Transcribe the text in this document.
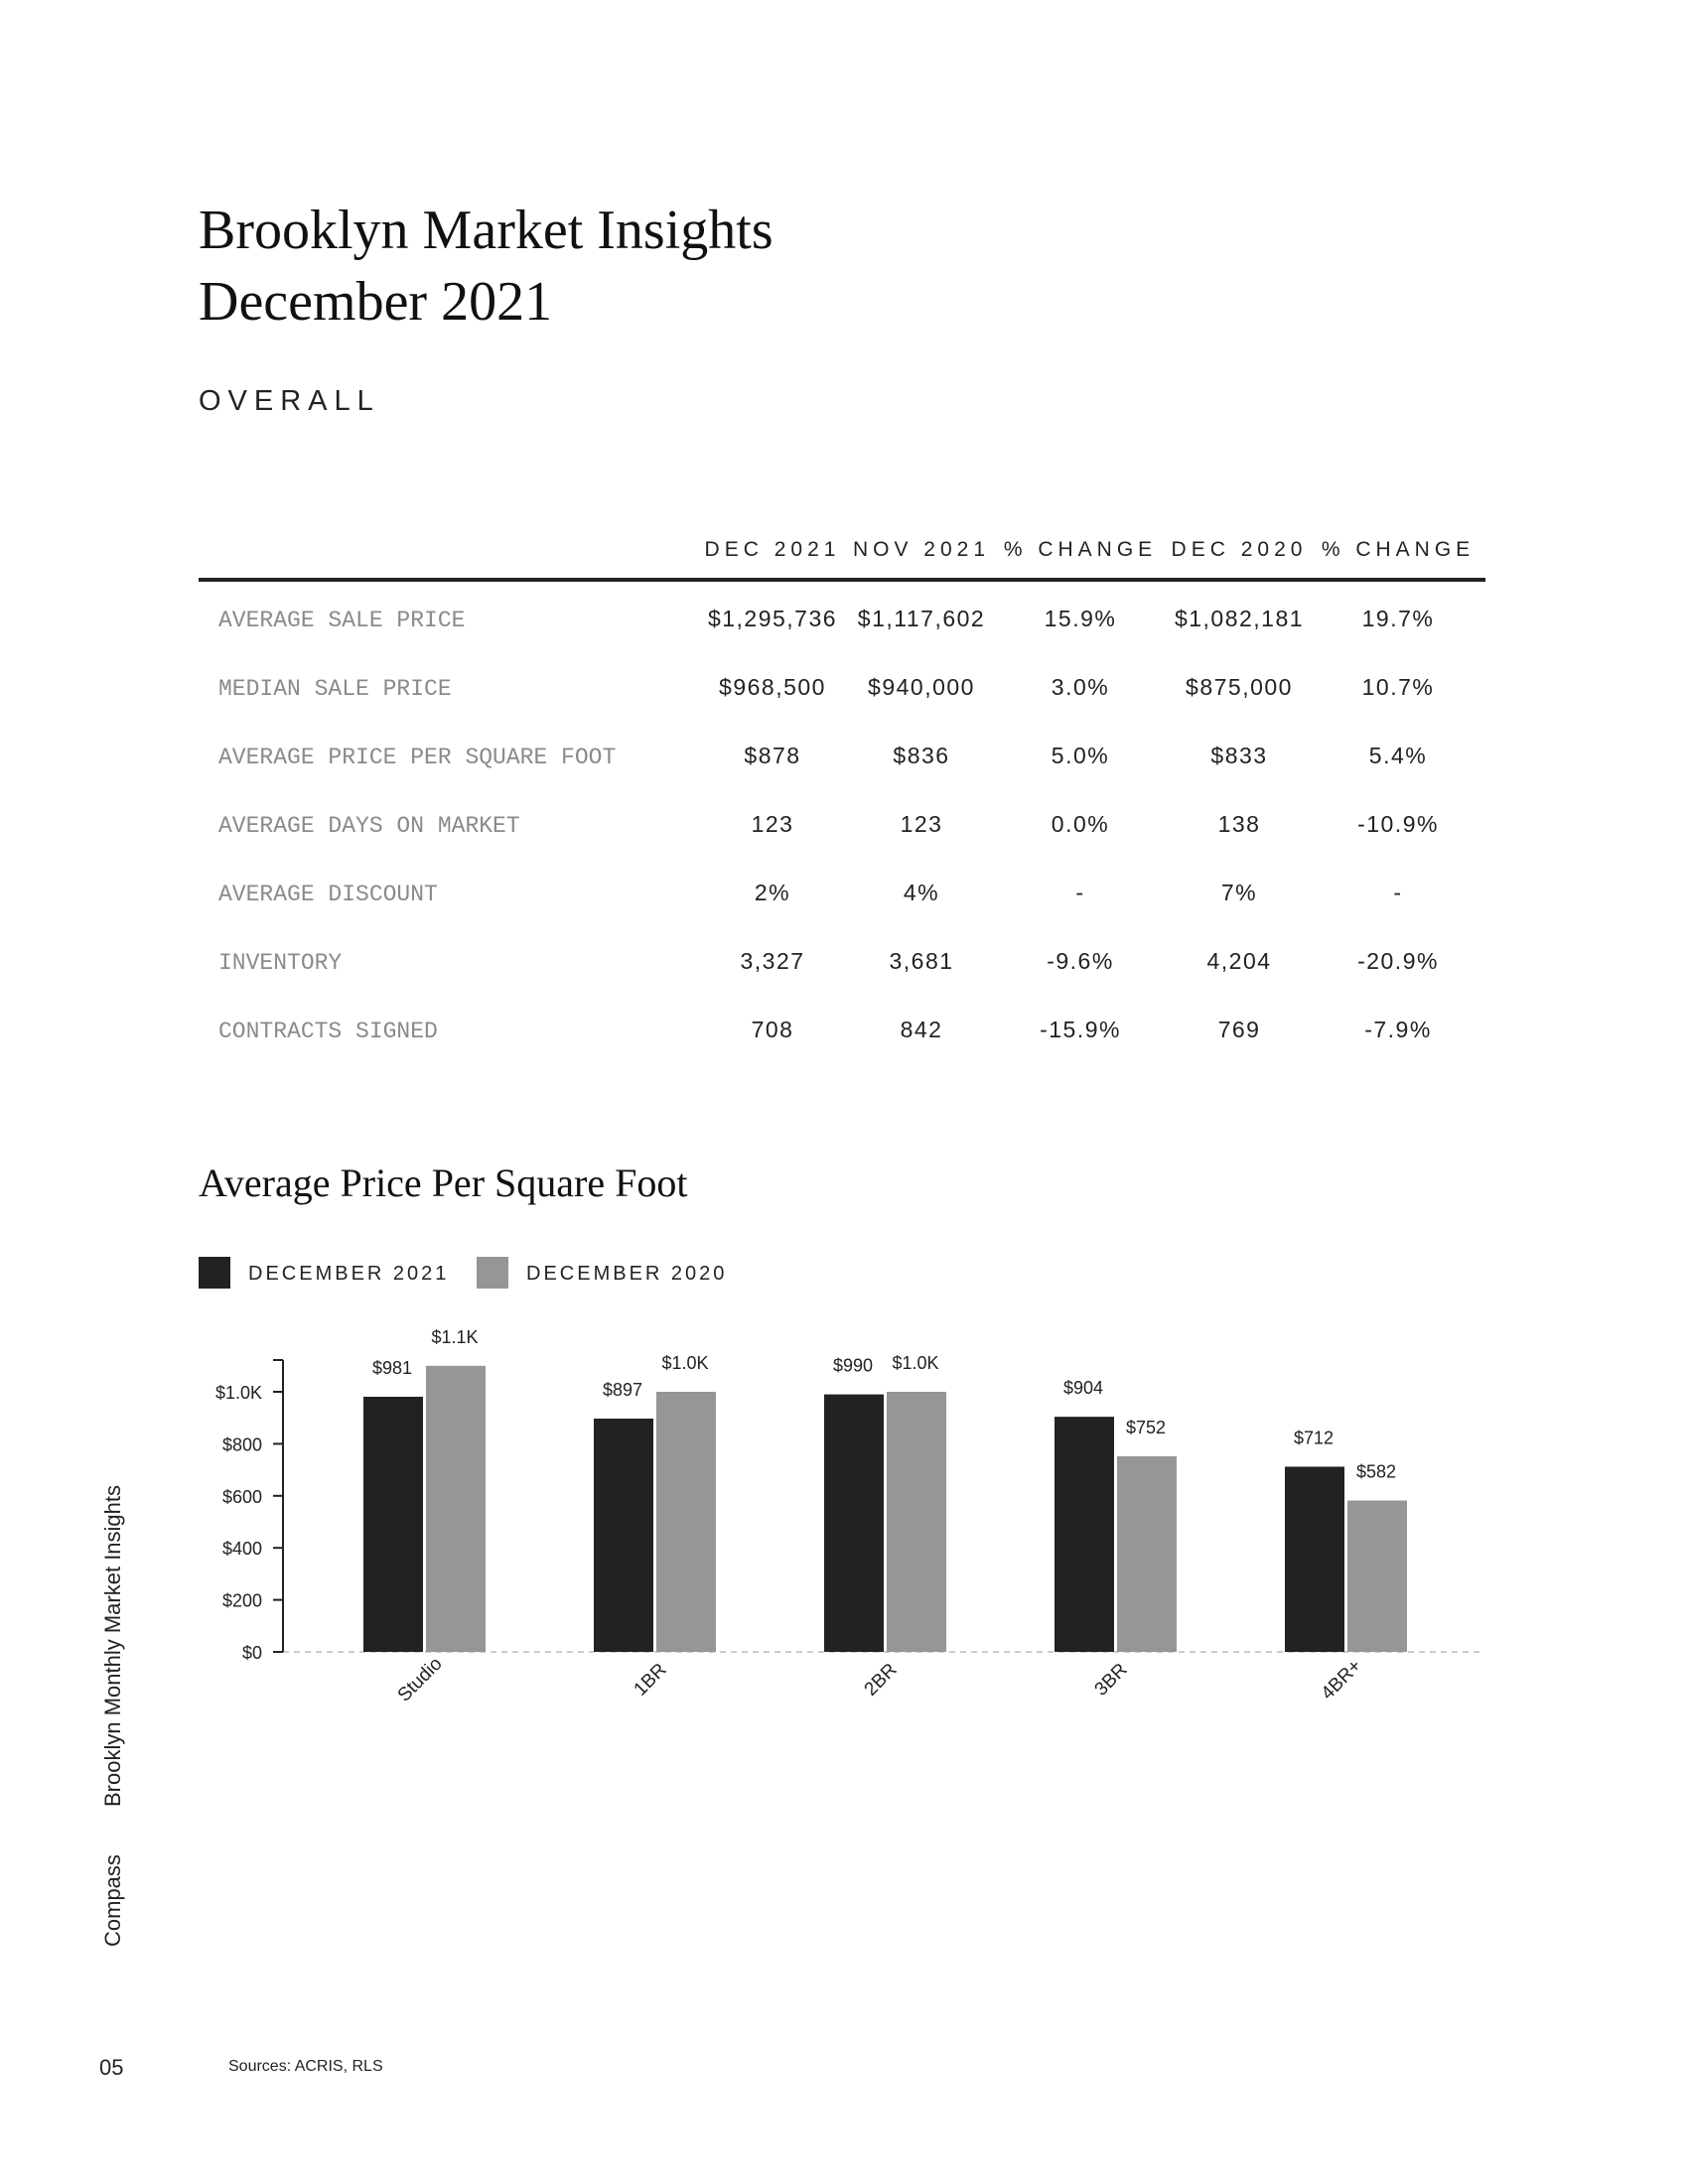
Brooklyn Market Insights
December 2021
OVERALL
DEC 2021 NOV 2021 % CHANGE DEC 2020 % CHANGE
AVERAGE SALE PRICE	$1,295,736 $1,117,602	15.9%	$1,082,181	19.7%
MEDIAN SALE PRICE	$968,500	$940,000	3.0%	$875,000	10.7%
AVERAGE PRICE PER SQUARE FOOT	$878	$836	5.0%	$833	5.4%
AVERAGE DAYS ON MARKET	123	123	0.0%	138	-10.9%
AVERAGE DISCOUNT	2%	4%	-	7%	-
INVENTORY	3,327	3,681	-9.6%	4,204	-20.9%
CONTRACTS SIGNED	708	842	-15.9%	769	-7.9%
Average Price Per Square Foot
DECEMBER 2021	DECEMBER 2020
$0
$200
$400
$600
$800
$1.0K
$981
$1.1K
Studio
$897
$1.0K
1BR
$990 $1.0K
2BR
$904
$752
3BR
$712
$582
4BR+
Compass
Brooklyn Monthly Market Insights
05	Sources: ACRIS, RLS
